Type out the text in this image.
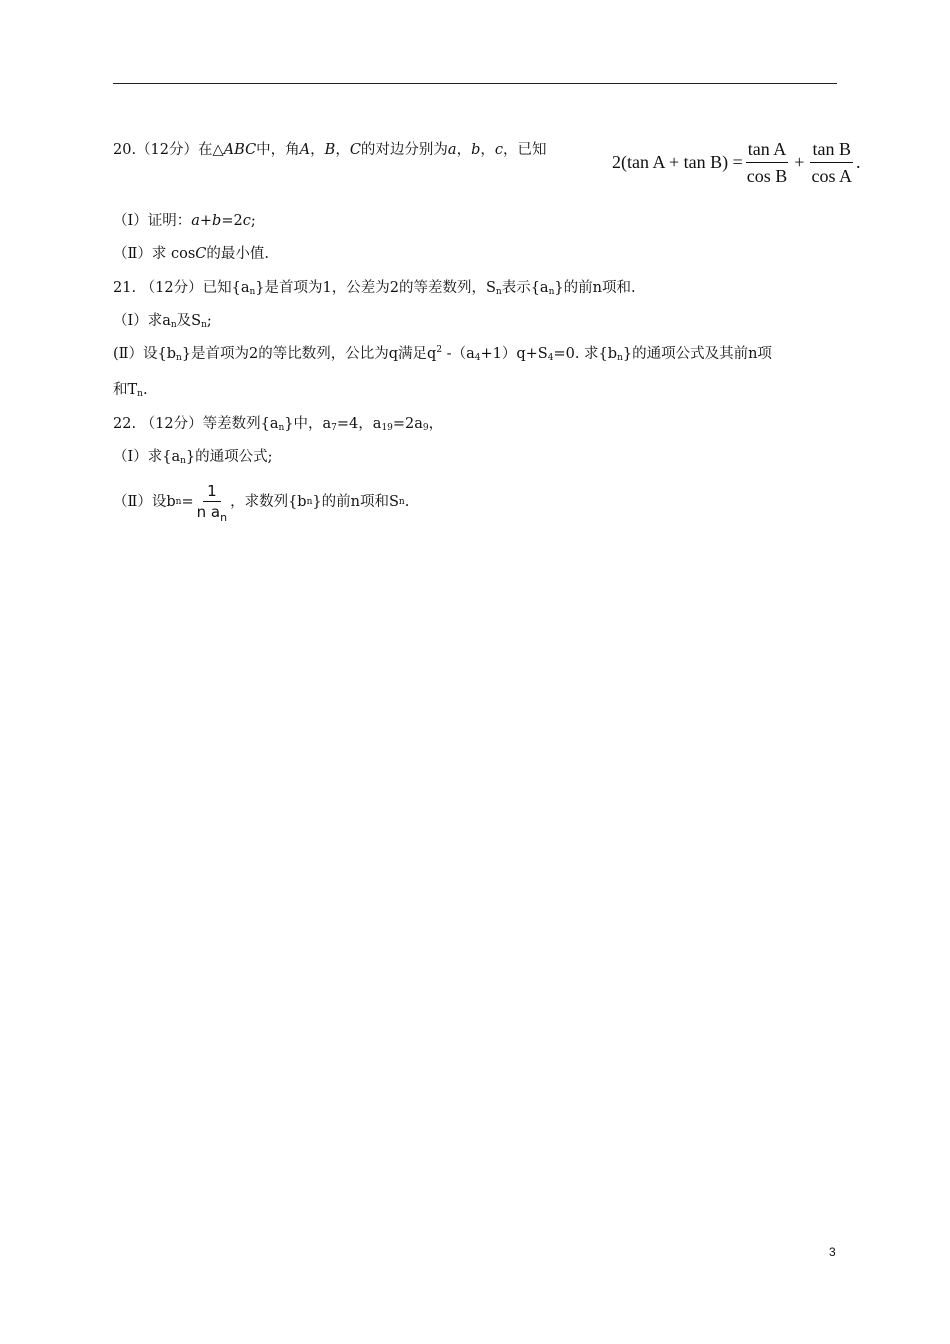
20.（12分）在△ABC中，角A，B，C的对边分别为a，b，c，已知
2(tan $A + \tan B) = \frac{\text{tan A}}{\text{cos B}} + \frac{\text{tan B}}{\text{cos A}}$ .
（Ⅰ）证明：a+b=2c;
（Ⅱ）求 cosC的最小值.
21. （12分）已知$\{a_n\}$是首项为1，公差为2的等差数列，$S_n$表示$\{a_n\}$的前n项和.
（Ⅰ）求$a_n$及$S_n$;
(Ⅱ）设$\{b_n\}$是首项为2的等比数列，公比为q满足$q^2$ $-(a_4+1)q+S_4=0$. 求$\{b_n\}$的通项公式及其前n项
和$T_n$.
22. （12分）等差数列$\{a_n\}$中，$a_7=4$，$a_{19}=2a_9$，
（Ⅰ）求$\{a_n\}$的通项公式;
（Ⅱ）设b $n = \frac{1}{n a_n}$ ，求数列{b n }的前n项和S n .
3
